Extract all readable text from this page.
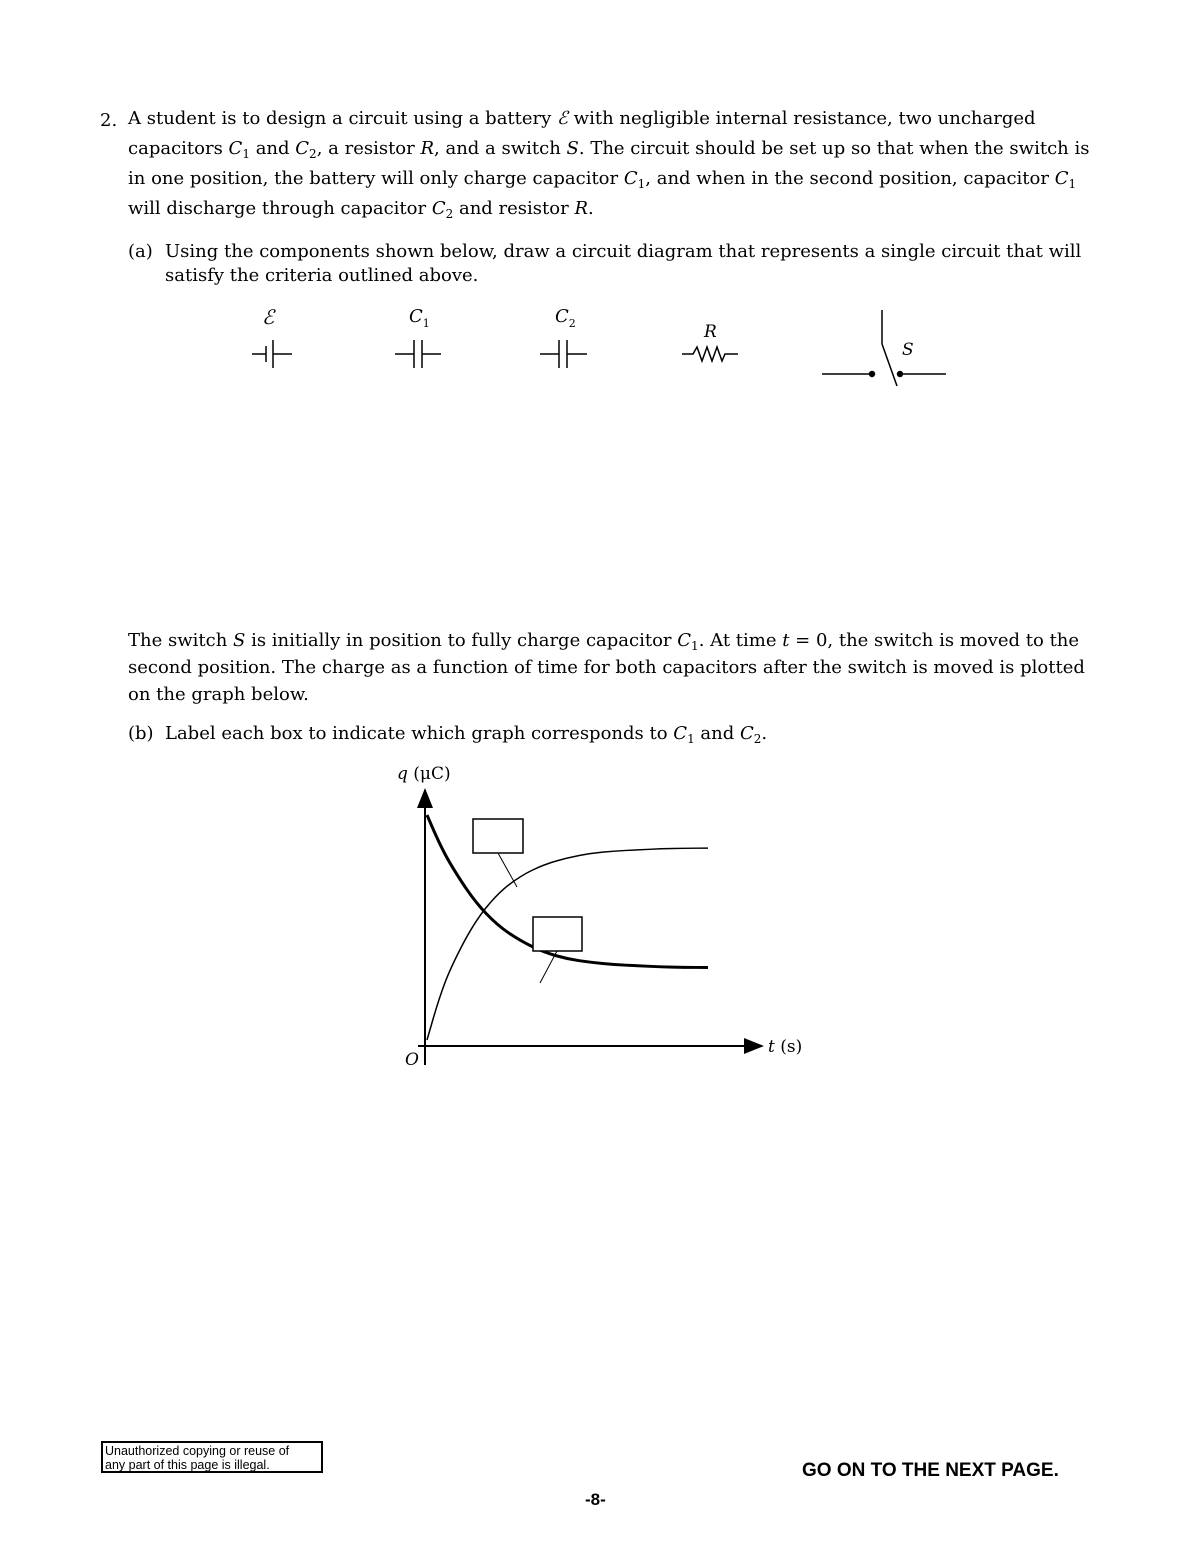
2. A student is to design a circuit using a battery ℰ with negligible internal resistance, two uncharged capacitors $C_1$ and $C_2$, a resistor R, and a switch S. The circuit should be set up so that when the switch is in one position, the battery will only charge capacitor $C_1$, and when in the second position, capacitor $C_1$ will discharge through capacitor $C_2$ and resistor R.
(a) Using the components shown below, draw a circuit diagram that represents a single circuit that will satisfy the criteria outlined above.
ℰ	$C_1$	$C_2$	R
S
The switch S is initially in position to fully charge capacitor $C_1$. At time t = 0, the switch is moved to the second position. The charge as a function of time for both capacitors after the switch is moved is plotted on the graph below.
(b) Label each box to indicate which graph corresponds to $C_1$ and $C_2$.
q (μC)
t (s)
O
Unauthorized copying or reuse of
any part of this page is illegal.	GO ON TO THE NEXT PAGE.
-8-
